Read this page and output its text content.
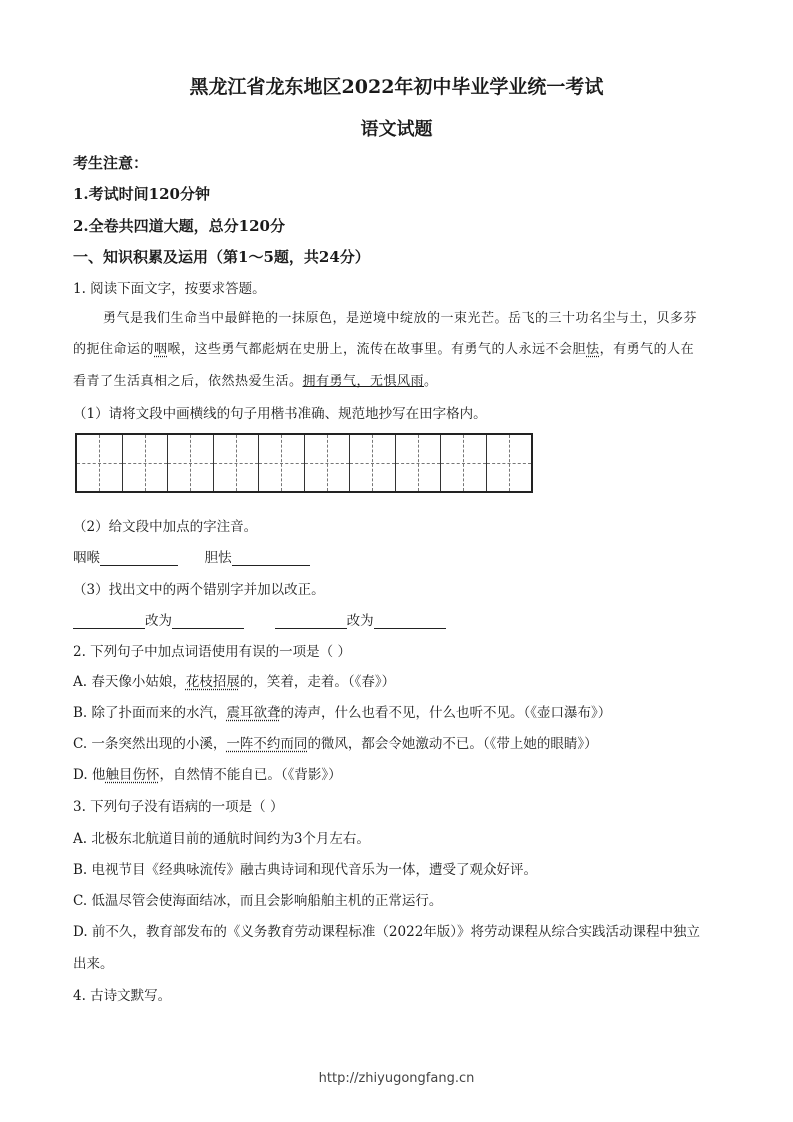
黑龙江省龙东地区2022年初中毕业学业统一考试
语文试题
考生注意：
1.考试时间120分钟
2.全卷共四道大题，总分120分
一、知识积累及运用（第1～5题，共24分）
1. 阅读下面文字，按要求答题。
勇气是我们生命当中最鲜艳的一抹原色，是逆境中绽放的一束光芒。岳飞的三十功名尘与土，贝多芬
的扼住命运的咽喉，这些勇气都彪炳在史册上，流传在故事里。有勇气的人永远不会胆怯，有勇气的人在
看青了生活真相之后，依然热爱生活。拥有勇气，无惧风雨。
（1）请将文段中画横线的句子用楷书准确、规范地抄写在田字格内。
（2）给文段中加点的字注音。
咽喉	胆怯
（3）找出文中的两个错别字并加以改正。
改为	改为
2. 下列句子中加点词语使用有误的一项是（ ）
A. 春天像小姑娘，花枝招展的，笑着，走着。（《春》）
B. 除了扑面而来的水汽，震耳欲聋的涛声，什么也看不见，什么也听不见。（《壶口瀑布》）
C. 一条突然出现的小溪，一阵不约而同的微风，都会令她激动不已。（《带上她的眼睛》）
D. 他触目伤怀，自然情不能自已。（《背影》）
3. 下列句子没有语病的一项是（ ）
A. 北极东北航道目前的通航时间约为3个月左右。
B. 电视节目《经典咏流传》融古典诗词和现代音乐为一体，遭受了观众好评。
C. 低温尽管会使海面结冰，而且会影响船舶主机的正常运行。
D. 前不久，教育部发布的《义务教育劳动课程标准（2022年版）》将劳动课程从综合实践活动课程中独立
出来。
4. 古诗文默写。
http://zhiyugongfang.cn
